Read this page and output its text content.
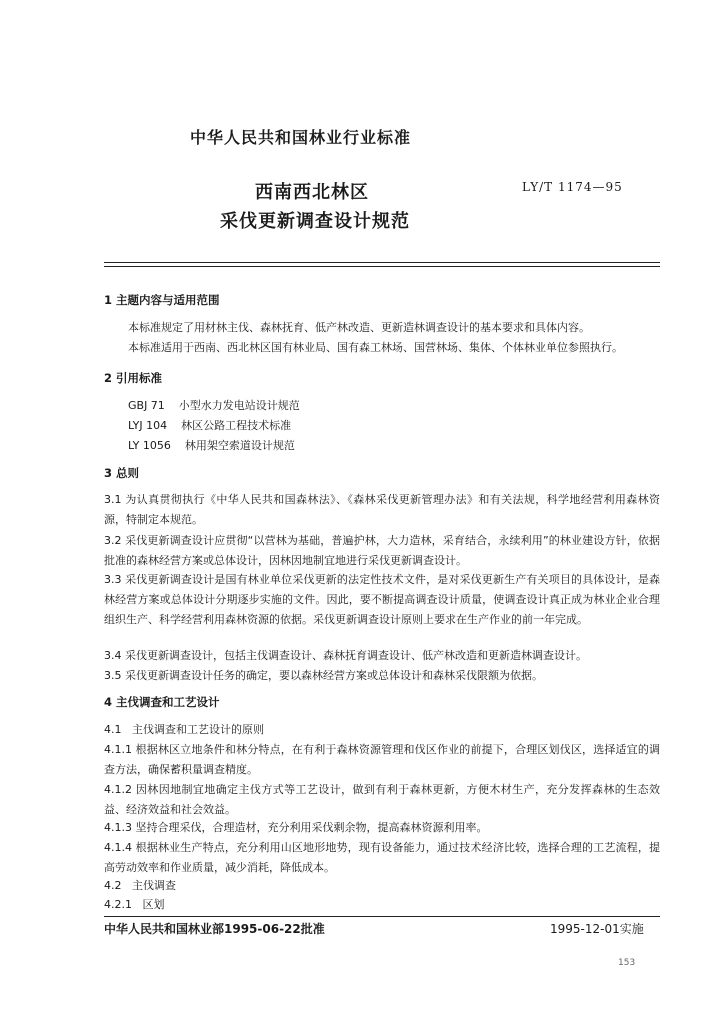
中华人民共和国林业行业标准
西南西北林区
采伐更新调查设计规范
LY/T 1174—95
1 主题内容与适用范围
本标准规定了用材林主伐、森林抚育、低产林改造、更新造林调查设计的基本要求和具体内容。
本标准适用于西南、西北林区国有林业局、国有森工林场、国营林场、集体、个体林业单位参照执行。
2 引用标准
GBJ 71    小型水力发电站设计规范
LYJ 104    林区公路工程技术标准
LY 1056    林用架空索道设计规范
3 总则
3.1 为认真贯彻执行《中华人民共和国森林法》、《森林采伐更新管理办法》和有关法规，科学地经营利用森林资源，特制定本规范。
3.2 采伐更新调查设计应贯彻“以营林为基础，普遍护林，大力造林，采育结合，永续利用”的林业建设方针，依据批准的森林经营方案或总体设计，因林因地制宜地进行采伐更新调查设计。
3.3 采伐更新调查设计是国有林业单位采伐更新的法定性技术文件，是对采伐更新生产有关项目的具体设计，是森林经营方案或总体设计分期逐步实施的文件。因此，要不断提高调查设计质量，使调查设计真正成为林业企业合理组织生产、科学经营利用森林资源的依据。采伐更新调查设计原则上要求在生产作业的前一年完成。
3.4 采伐更新调查设计，包括主伐调查设计、森林抚育调查设计、低产林改造和更新造林调查设计。
3.5 采伐更新调查设计任务的确定，要以森林经营方案或总体设计和森林采伐限额为依据。
4 主伐调查和工艺设计
4.1   主伐调查和工艺设计的原则
4.1.1 根据林区立地条件和林分特点，在有利于森林资源管理和伐区作业的前提下，合理区划伐区，选择适宜的调查方法，确保蓄积量调查精度。
4.1.2 因林因地制宜地确定主伐方式等工艺设计，做到有利于森林更新，方便木材生产，充分发挥森林的生态效益、经济效益和社会效益。
4.1.3 坚持合理采伐，合理造材，充分利用采伐剩余物，提高森林资源利用率。
4.1.4 根据林业生产特点，充分利用山区地形地势，现有设备能力，通过技术经济比较，选择合理的工艺流程，提高劳动效率和作业质量，减少消耗，降低成本。
4.2   主伐调查
4.2.1   区划
中华人民共和国林业部1995-06-22批准	1995-12-01实施
153
